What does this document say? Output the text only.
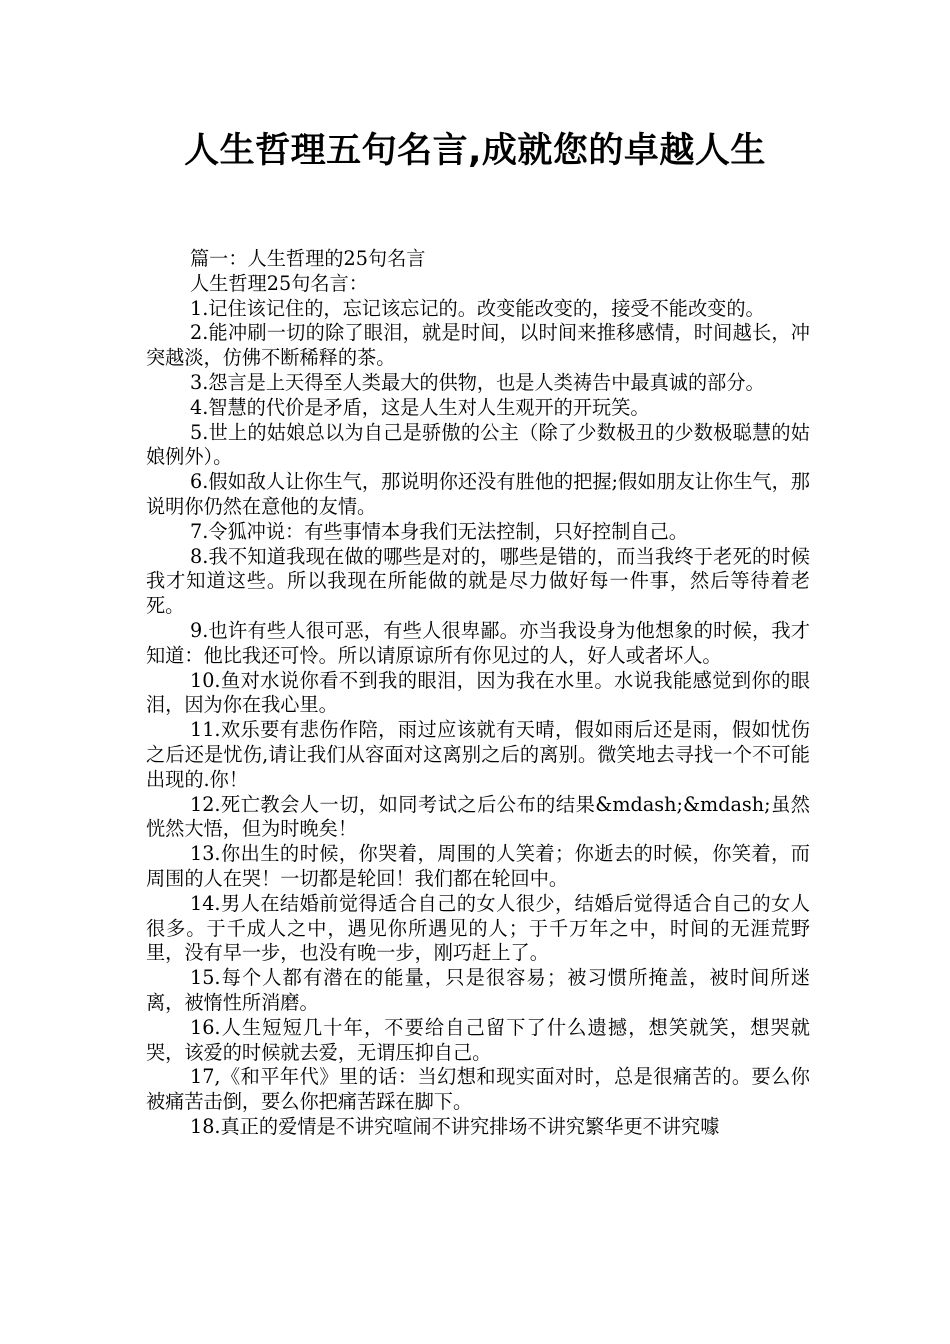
人生哲理五句名言,成就您的卓越人生

篇一：人生哲理的25句名言

人生哲理25句名言：

1.记住该记住的，忘记该忘记的。改变能改变的，接受不能改变的。

2.能冲刷一切的除了眼泪，就是时间，以时间来推移感情，时间越长，冲突越淡，仿佛不断稀释的茶。

3.怨言是上天得至人类最大的供物，也是人类祷告中最真诚的部分。

4.智慧的代价是矛盾，这是人生对人生观开的开玩笑。

5.世上的姑娘总以为自己是骄傲的公主（除了少数极丑的少数极聪慧的姑娘例外）。

6.假如敌人让你生气，那说明你还没有胜他的把握;假如朋友让你生气，那说明你仍然在意他的友情。

7.令狐冲说：有些事情本身我们无法控制，只好控制自己。

8.我不知道我现在做的哪些是对的，哪些是错的，而当我终于老死的时候我才知道这些。所以我现在所能做的就是尽力做好每一件事，然后等待着老死。

9.也许有些人很可恶，有些人很卑鄙。亦当我设身为他想象的时候，我才知道：他比我还可怜。所以请原谅所有你见过的人，好人或者坏人。

10.鱼对水说你看不到我的眼泪，因为我在水里。水说我能感觉到你的眼泪，因为你在我心里。

11.欢乐要有悲伤作陪，雨过应该就有天晴，假如雨后还是雨，假如忧伤之后还是忧伤,请让我们从容面对这离别之后的离别。微笑地去寻找一个不可能出现的.你！

12.死亡教会人一切，如同考试之后公布的结果&mdash;&mdash;虽然恍然大悟，但为时晚矣！

13.你出生的时候，你哭着，周围的人笑着；你逝去的时候，你笑着，而周围的人在哭！一切都是轮回！我们都在轮回中。

14.男人在结婚前觉得适合自己的女人很少，结婚后觉得适合自己的女人很多。于千成人之中，遇见你所遇见的人；于千万年之中，时间的无涯荒野里，没有早一步，也没有晚一步，刚巧赶上了。

15.每个人都有潜在的能量，只是很容易；被习惯所掩盖，被时间所迷离，被惰性所消磨。

16.人生短短几十年，不要给自己留下了什么遗撼，想笑就笑，想哭就哭，该爱的时候就去爱，无谓压抑自己。

17,《和平年代》里的话：当幻想和现实面对时，总是很痛苦的。要么你被痛苦击倒，要么你把痛苦踩在脚下。

18.真正的爱情是不讲究喧闹不讲究排场不讲究繁华更不讲究噱
